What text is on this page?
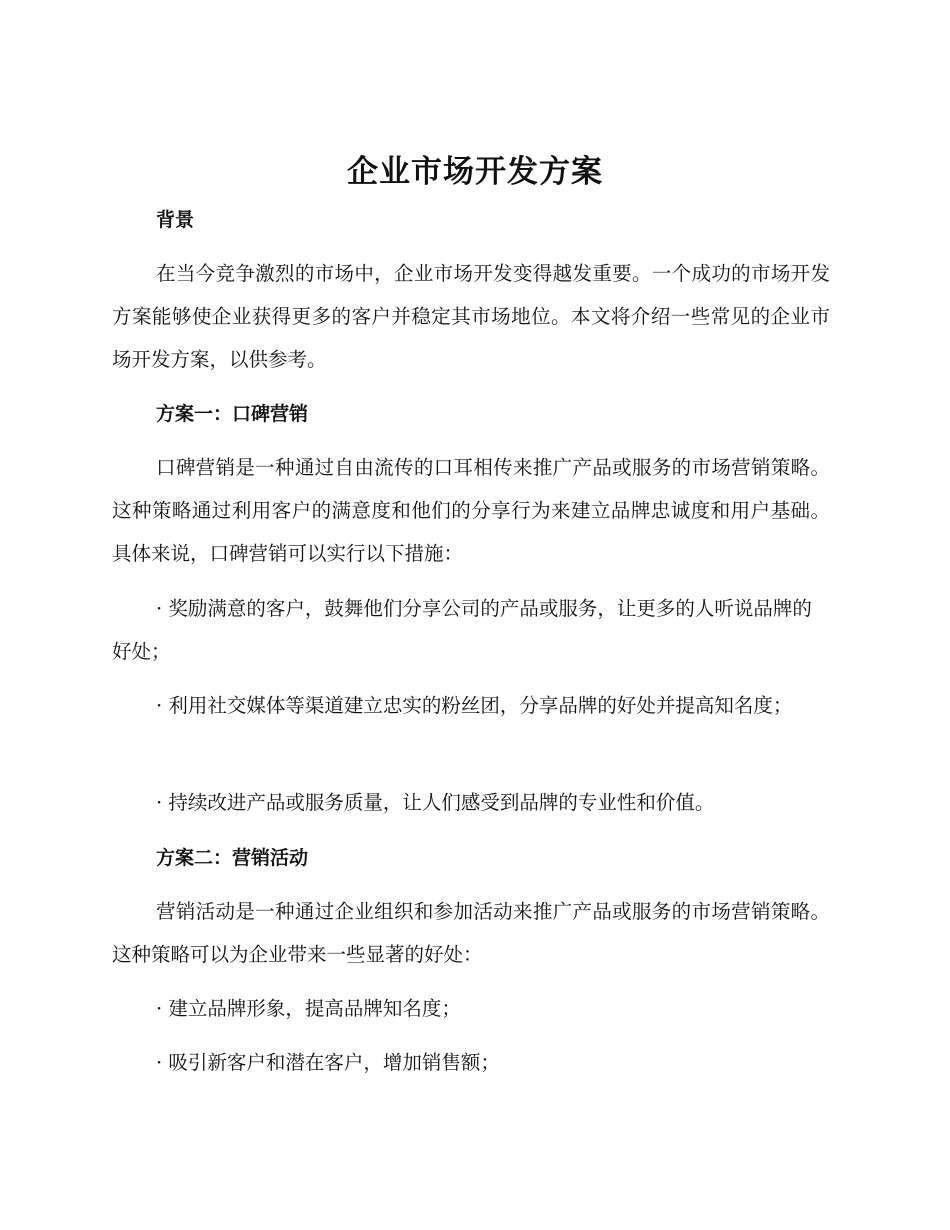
企业市场开发方案
背景
在当今竞争激烈的市场中，企业市场开发变得越发重要。一个成功的市场开发方案能够使企业获得更多的客户并稳定其市场地位。本文将介绍一些常见的企业市场开发方案，以供参考。
方案一：口碑营销
口碑营销是一种通过自由流传的口耳相传来推广产品或服务的市场营销策略。这种策略通过利用客户的满意度和他们的分享行为来建立品牌忠诚度和用户基础。具体来说，口碑营销可以实行以下措施：
· 奖励满意的客户，鼓舞他们分享公司的产品或服务，让更多的人听说品牌的好处；
· 利用社交媒体等渠道建立忠实的粉丝团，分享品牌的好处并提高知名度；
· 持续改进产品或服务质量，让人们感受到品牌的专业性和价值。
方案二：营销活动
营销活动是一种通过企业组织和参加活动来推广产品或服务的市场营销策略。这种策略可以为企业带来一些显著的好处：
· 建立品牌形象，提高品牌知名度；
· 吸引新客户和潜在客户，增加销售额；
